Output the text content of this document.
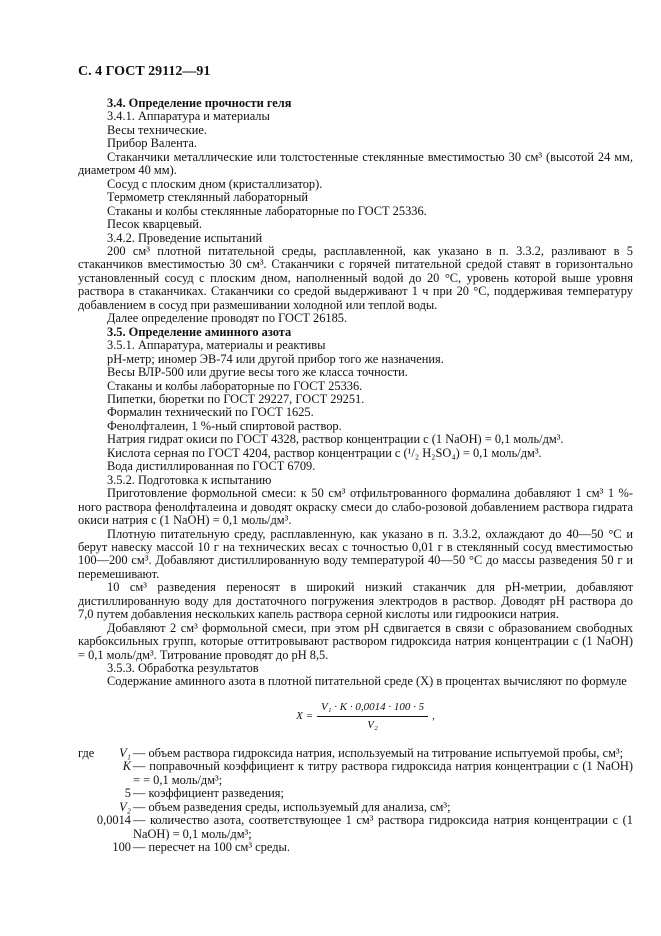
С. 4 ГОСТ 29112—91

3.4. Определение прочности геля

3.4.1. Аппаратура и материалы

Весы технические.

Прибор Валента.

Стаканчики металлические или толстостенные стеклянные вместимостью 30 см³ (высотой 24 мм, диаметром 40 мм).

Сосуд с плоским дном (кристаллизатор).

Термометр стеклянный лабораторный

Стаканы и колбы стеклянные лабораторные по ГОСТ 25336.

Песок кварцевый.

3.4.2. Проведение испытаний

200 см³ плотной питательной среды, расплавленной, как указано в п. 3.3.2, разливают в 5 стаканчиков вместимостью 30 см³. Стаканчики с горячей питательной средой ставят в горизонтально установленный сосуд с плоским дном, наполненный водой до 20 °С, уровень которой выше уровня раствора в стаканчиках. Стаканчики со средой выдерживают 1 ч при 20 °С, поддерживая температуру добавлением в сосуд при размешивании холодной или теплой воды.

Далее определение проводят по ГОСТ 26185.

3.5. Определение аминного азота

3.5.1. Аппаратура, материалы и реактивы

pH-метр; иномер ЭВ-74 или другой прибор того же назначения.

Весы ВЛР-500 или другие весы того же класса точности.

Стаканы и колбы лабораторные по ГОСТ 25336.

Пипетки, бюретки по ГОСТ 29227, ГОСТ 29251.

Формалин технический по ГОСТ 1625.

Фенолфталеин, 1 %-ный спиртовой раствор.

Натрия гидрат окиси по ГОСТ 4328, раствор концентрации c (1 NaOH) = 0,1 моль/дм³.

Кислота серная по ГОСТ 4204, раствор концентрации c (¹/₂ H₂SO₄) = 0,1 моль/дм³.

Вода дистиллированная по ГОСТ 6709.

3.5.2. Подготовка к испытанию

Приготовление формольной смеси: к 50 см³ отфильтрованного формалина добавляют 1 см³ 1 %-ного раствора фенолфталеина и доводят окраску смеси до слабо-розовой добавлением раствора гидрата окиси натрия c (1 NaOH) = 0,1 моль/дм³.

Плотную питательную среду, расплавленную, как указано в п. 3.3.2, охлаждают до 40—50 °С и берут навеску массой 10 г на технических весах с точностью 0,01 г в стеклянный сосуд вместимостью 100—200 см³. Добавляют дистиллированную воду температурой 40—50 °С до массы разведения 50 г и перемешивают.

10 см³ разведения переносят в широкий низкий стаканчик для pH-метрии, добавляют дистиллированную воду для достаточного погружения электродов в раствор. Доводят pH раствора до 7,0 путем добавления нескольких капель раствора серной кислоты или гидроокиси натрия.

Добавляют 2 см³ формольной смеси, при этом pH сдвигается в связи с образованием свободных карбоксильных групп, которые оттитровывают раствором гидроксида натрия концентрации c (1 NaOH) = 0,1 моль/дм³. Титрование проводят до pH 8,5.

3.5.3. Обработка результатов

Содержание аминного азота в плотной питательной среде (X) в процентах вычисляют по формуле

$X = \frac{\text{V₁ · K · 0,0014 · 100 · 5}}{\text{V₂}}$ ,
где	V₁ — объем раствора гидроксида натрия, используемый на титрование испытуемой пробы, см³;
K — поправочный коэффициент к титру раствора гидроксида натрия концентрации c (1 NaOH) = = 0,1 моль/дм³;
5 — коэффициент разведения;
V₂ — объем разведения среды, используемый для анализа, см³;
0,0014 — количество азота, соответствующее 1 см³ раствора гидроксида натрия концентрации c (1 NaOH) = 0,1 моль/дм³;
100 — пересчет на 100 см³ среды.
